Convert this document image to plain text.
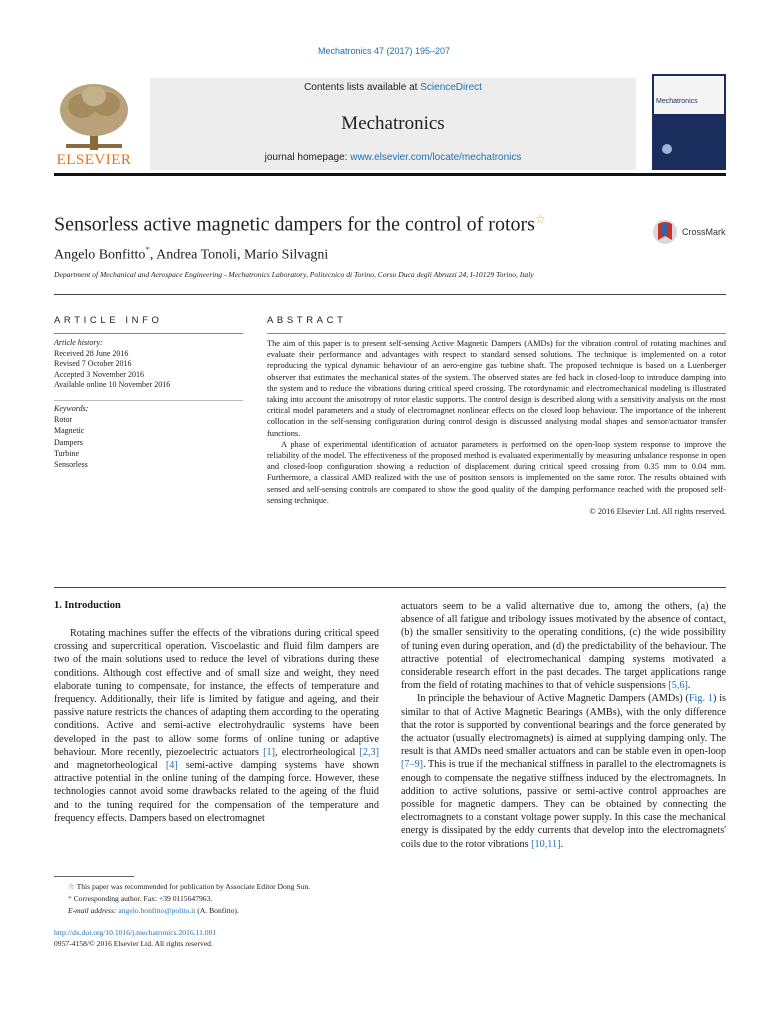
Mechatronics 47 (2017) 195–207
ELSEVIER
Contents lists available at ScienceDirect
Mechatronics
journal homepage: www.elsevier.com/locate/mechatronics
Mechatronics
Sensorless active magnetic dampers for the control of rotors☆
CrossMark
Angelo Bonfitto*, Andrea Tonoli, Mario Silvagni
Department of Mechanical and Aerospace Engineering - Mechatronics Laboratory, Politecnico di Torino, Corso Duca degli Abruzzi 24, I-10129 Torino, Italy
ARTICLE INFO	ABSTRACT
Article history:
Received 28 June 2016
Revised 7 October 2016
Accepted 3 November 2016
Available online 10 November 2016
Keywords:
Rotor
Magnetic
Dampers
Turbine
Sensorless

The aim of this paper is to present self-sensing Active Magnetic Dampers (AMDs) for the vibration control of rotating machines and evaluate their performance and advantages with respect to standard sensed solutions. The technique is implemented on a rotor reproducing the typical dynamic behaviour of an aero-engine gas turbine shaft. The proposed technique is based on a Luenberger observer that estimates the mechanical states of the system. The observed states are fed back in closed-loop to introduce damping into the system and to reduce the vibrations during critical speed crossing. The rotordynamic and electromechanical modeling is illustrated taking into account the anisotropy of rotor elastic supports. The control design is described along with a sensitivity analysis on the most critical model parameters and a study of electromagnet nonlinear effects on the closed loop behaviour. The importance of the inherent collocation in the self-sensing configuration during control design is discussed analysing modal shapes and sensor/actuator transfer functions.

A phase of experimental identification of actuator parameters is performed on the open-loop system response to improve the reliability of the model. The effectiveness of the proposed method is evaluated experimentally by measuring unbalance response in open and closed-loop configuration showing a reduction of displacement during critical speed crossing from 0.35 mm to 0.04 mm. Furthermore, a classical AMD realized with the use of position sensors is implemented on the same rotor. The results obtained with sensed and self-sensing controls are compared to show the good quality of the damping performance reached with the proposed self-sensing technique.

© 2016 Elsevier Ltd. All rights reserved.
1. Introduction

Rotating machines suffer the effects of the vibrations during critical speed crossing and supercritical operation. Viscoelastic and fluid film dampers are two of the main solutions used to reduce the level of vibrations during these conditions. Although cost effective and of small size and weight, they need elaborate tuning to compensate, for instance, the effects of temperature and frequency. Additionally, their life is limited by fatigue and ageing, and their passive nature restricts the chances of adapting them according to the operating conditions. Active and semi-active electrohydraulic systems have been developed in the past to allow some forms of online tuning or adaptive behaviour. More recently, piezoelectric actuators [1], electrorheological [2,3] and magnetorheological [4] semi-active damping systems have shown attractive potential in the online tuning of the damping force. However, these technologies cannot avoid some drawbacks related to the ageing of the fluid and to the tuning required for the compensation of the temperature and frequency effects. Dampers based on electromagnet

actuators seem to be a valid alternative due to, among the others, (a) the absence of all fatigue and tribology issues motivated by the absence of contact, (b) the smaller sensitivity to the operating conditions, (c) the wide possibility of tuning even during operation, and (d) the predictability of the behaviour. The attractive potential of electromechanical damping systems motivated a considerable research effort in the past decades. The target applications range from the field of rotating machines to that of vehicle suspensions [5,6].

In principle the behaviour of Active Magnetic Dampers (AMDs) (Fig. 1) is similar to that of Active Magnetic Bearings (AMBs), with the only difference that the rotor is supported by conventional bearings and the force generated by the actuator (usually electromagnets) is aimed at supplying damping only. The result is that AMDs need smaller actuators and can be stable even in open-loop [7–9]. This is true if the mechanical stiffness in parallel to the electromagnets is enough to compensate the negative stiffness induced by the electromagnets. In addition to active solutions, passive or semi-active control approaches are possible for magnetic dampers. They can be obtained by connecting the electromagnets to a constant voltage power supply. In this case the mechanical energy is dissipated by the eddy currents that develop into the electromagnets' coils due to the rotor vibrations [10,11].

☆ This paper was recommended for publication by Associate Editor Dong Sun.
* Corresponding author. Fax: +39 0115647963.
E-mail address: angelo.bonfitto@polito.it (A. Bonfitto).
http://dx.doi.org/10.1016/j.mechatronics.2016.11.001
0957-4158/© 2016 Elsevier Ltd. All rights reserved.
